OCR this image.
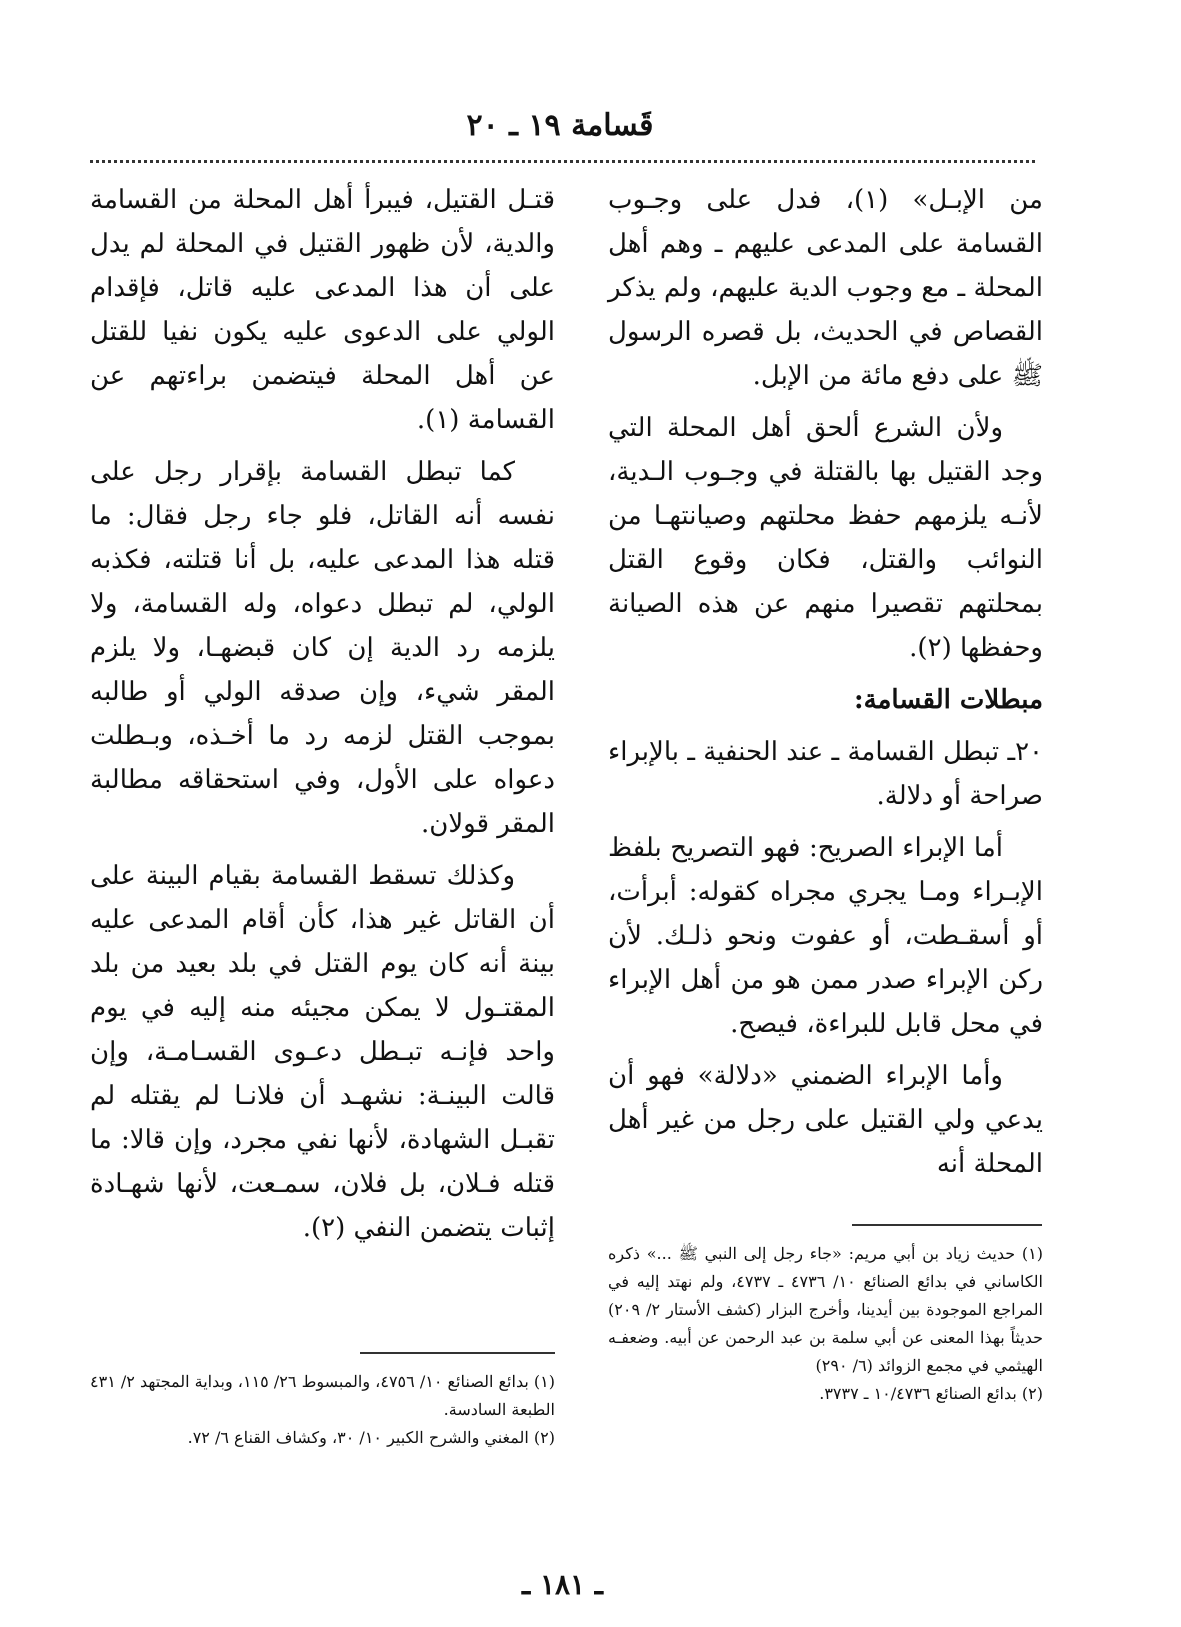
قَسامة ١٩ ـ ٢٠

من الإبـل» (١)، فدل على وجـوب القسامة على المدعى عليهم ـ وهم أهل المحلة ـ مع وجوب الدية عليهم، ولم يذكر القصاص في الحديث، بل قصره الرسول ﷺ على دفع مائة من الإبل.

ولأن الشرع ألحق أهل المحلة التي وجد القتيل بها بالقتلة في وجـوب الـدية، لأنـه يلزمهم حفظ محلتهم وصيانتهـا من النوائب والقتل، فكان وقوع القتل بمحلتهم تقصيرا منهم عن هذه الصيانة وحفظها (٢).

مبطلات القسامة:

٢٠ـ تبطل القسامة ـ عند الحنفية ـ بالإبراء صراحة أو دلالة.

أما الإبراء الصريح: فهو التصريح بلفظ الإبـراء ومـا يجري مجراه كقوله: أبرأت، أو أسقـطت، أو عفوت ونحو ذلـك. لأن ركن الإبراء صدر ممن هو من أهل الإبراء في محل قابل للبراءة، فيصح.

وأما الإبراء الضمني «دلالة» فهو أن يدعي ولي القتيل على رجل من غير أهل المحلة أنه

قتـل القتيل، فيبرأ أهل المحلة من القسامة والدية، لأن ظهور القتيل في المحلة لم يدل على أن هذا المدعى عليه قاتل، فإقدام الولي على الدعوى عليه يكون نفيا للقتل عن أهل المحلة فيتضمن براءتهم عن القسامة (١).

كما تبطل القسامة بإقرار رجل على نفسه أنه القاتل، فلو جاء رجل فقال: ما قتله هذا المدعى عليه، بل أنا قتلته، فكذبه الولي، لم تبطل دعواه، وله القسامة، ولا يلزمه رد الدية إن كان قبضهـا، ولا يلزم المقر شيء، وإن صدقه الولي أو طالبه بموجب القتل لزمه رد ما أخـذه، وبـطلت دعواه على الأول، وفي استحقاقه مطالبة المقر قولان.

وكذلك تسقط القسامة بقيام البينة على أن القاتل غير هذا، كأن أقام المدعى عليه بينة أنه كان يوم القتل في بلد بعيد من بلد المقتـول لا يمكن مجيئه منه إليه في يوم واحد فإنـه تبـطل دعـوى القسـامـة، وإن قالت البينـة: نشهـد أن فلانـا لم يقتله لم تقبـل الشهادة، لأنها نفي مجرد، وإن قالا: ما قتله فـلان، بل فلان، سمـعت، لأنها شهـادة إثبات يتضمن النفي (٢).

(١) حديث زياد بن أبي مريم: «جاء رجل إلى النبي ﷺ ...» ذكره الكاساني في بدائع الصنائع ١٠/ ٤٧٣٦ ـ ٤٧٣٧، ولم نهتد إليه في المراجع الموجودة بين أيدينا، وأخرج البزار (كشف الأستار ٢/ ٢٠٩) حديثاً بهذا المعنى عن أبي سلمة بن عبد الرحمن عن أبيه. وضعفـه الهيثمي في مجمع الزوائد (٦/ ٢٩٠)

(٢) بدائع الصنائع ١٠/٤٧٣٦ ـ ٣٧٣٧.

(١) بدائع الصنائع ١٠/ ٤٧٥٦، والمبسوط ٢٦/ ١١٥، وبداية المجتهد ٢/ ٤٣١ الطبعة السادسة.

(٢) المغني والشرح الكبير ١٠/ ٣٠، وكشاف القناع ٦/ ٧٢.

ـ ١٨١ ـ
